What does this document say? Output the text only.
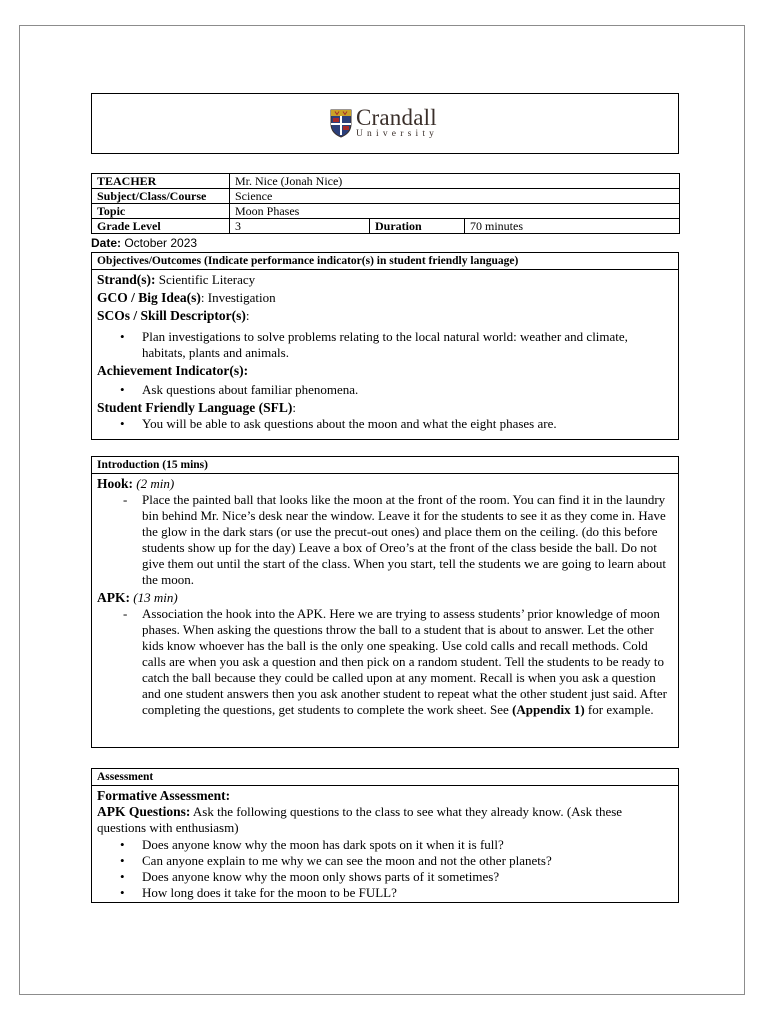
Crandall
University
TEACHER	Mr. Nice (Jonah Nice)		
Subject/Class/Course	Science		
Topic	Moon Phases		
Grade Level	3	Duration	70 minutes
Date: October 2023
Objectives/Outcomes (Indicate performance indicator(s) in student friendly language)

Strand(s): Scientific Literacy

GCO / Big Idea(s): Investigation

SCOs / Skill Descriptor(s):

• Plan investigations to solve problems relating to the local natural world: weather and climate, habitats, plants and animals.

Achievement Indicator(s):

• Ask questions about familiar phenomena.

Student Friendly Language (SFL):

• You will be able to ask questions about the moon and what the eight phases are.
Introduction (15 mins)

Hook: (2 min)

- Place the painted ball that looks like the moon at the front of the room. You can find it in the laundry bin behind Mr. Nice’s desk near the window. Leave it for the students to see it as they come in. Have the glow in the dark stars (or use the precut-out ones) and place them on the ceiling. (do this before students show up for the day) Leave a box of Oreo’s at the front of the class beside the ball. Do not give them out until the start of the class. When you start, tell the students we are going to learn about the moon.

APK: (13 min)

- Association the hook into the APK. Here we are trying to assess students’ prior knowledge of moon phases. When asking the questions throw the ball to a student that is about to answer. Let the other kids know whoever has the ball is the only one speaking. Use cold calls and recall methods. Cold calls are when you ask a question and then pick on a random student. Tell the students to be ready to catch the ball because they could be called upon at any moment. Recall is when you ask a question and one student answers then you ask another student to repeat what the other student just said. After completing the questions, get students to complete the work sheet. See (Appendix 1) for example.
Assessment

Formative Assessment:

APK Questions: Ask the following questions to the class to see what they already know. (Ask these questions with enthusiasm)

• Does anyone know why the moon has dark spots on it when it is full?
• Can anyone explain to me why we can see the moon and not the other planets?
• Does anyone know why the moon only shows parts of it sometimes?
• How long does it take for the moon to be FULL?
